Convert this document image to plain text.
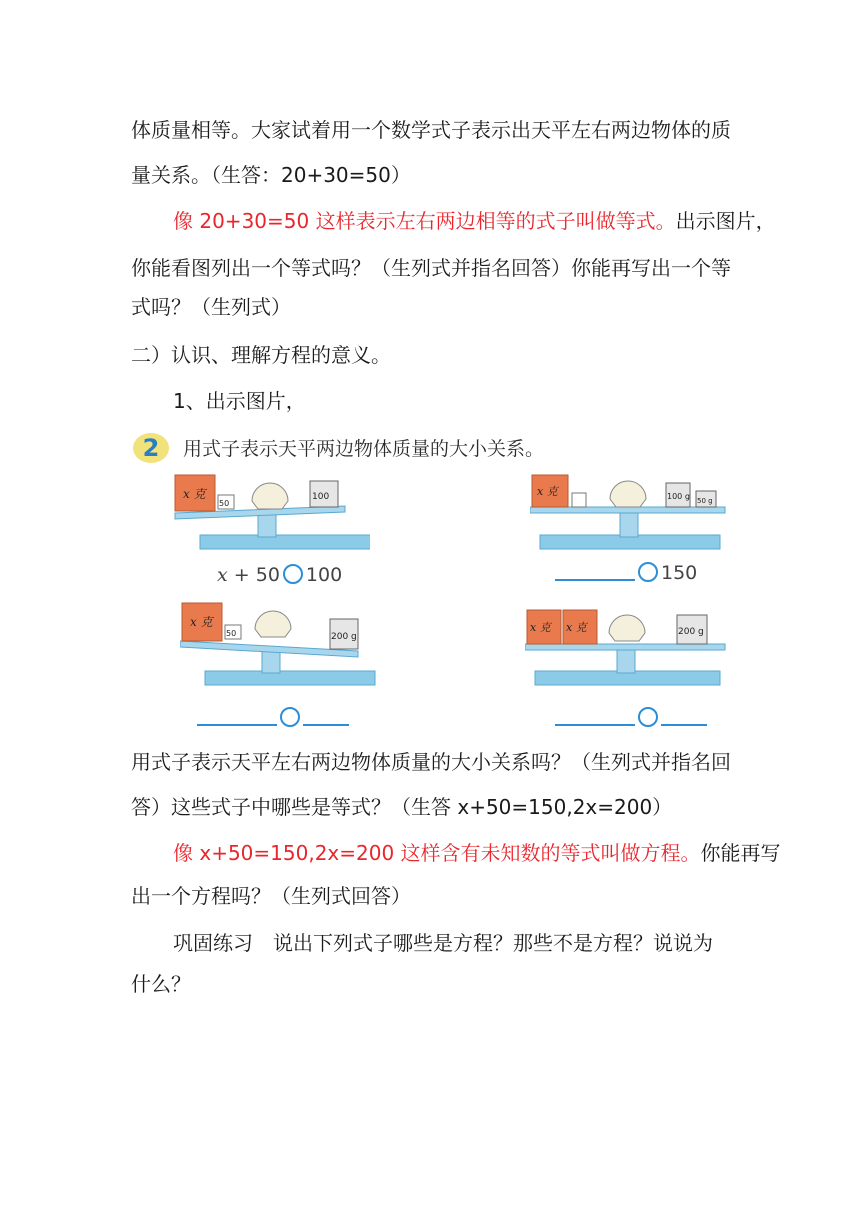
体质量相等。大家试着用一个数学式子表示出天平左右两边物体的质
量关系。（生答：20+30=50）
像 20+30=50 这样表示左右两边相等的式子叫做等式。出示图片，
你能看图列出一个等式吗？（生列式并指名回答）你能再写出一个等
式吗？（生列式）
二）认识、理解方程的意义。
1、出示图片，
2	用式子表示天平两边物体质量的大小关系。
x 克
50
100
x + 50 100
x 克	100 g 50 g
150
x 克
50	200 g
x 克 x 克	200 g
用式子表示天平左右两边物体质量的大小关系吗？（生列式并指名回
答）这些式子中哪些是等式？（生答 x+50=150,2x=200）
像 x+50=150,2x=200 这样含有未知数的等式叫做方程。你能再写
出一个方程吗？（生列式回答）
巩固练习　说出下列式子哪些是方程？那些不是方程？说说为
什么？
